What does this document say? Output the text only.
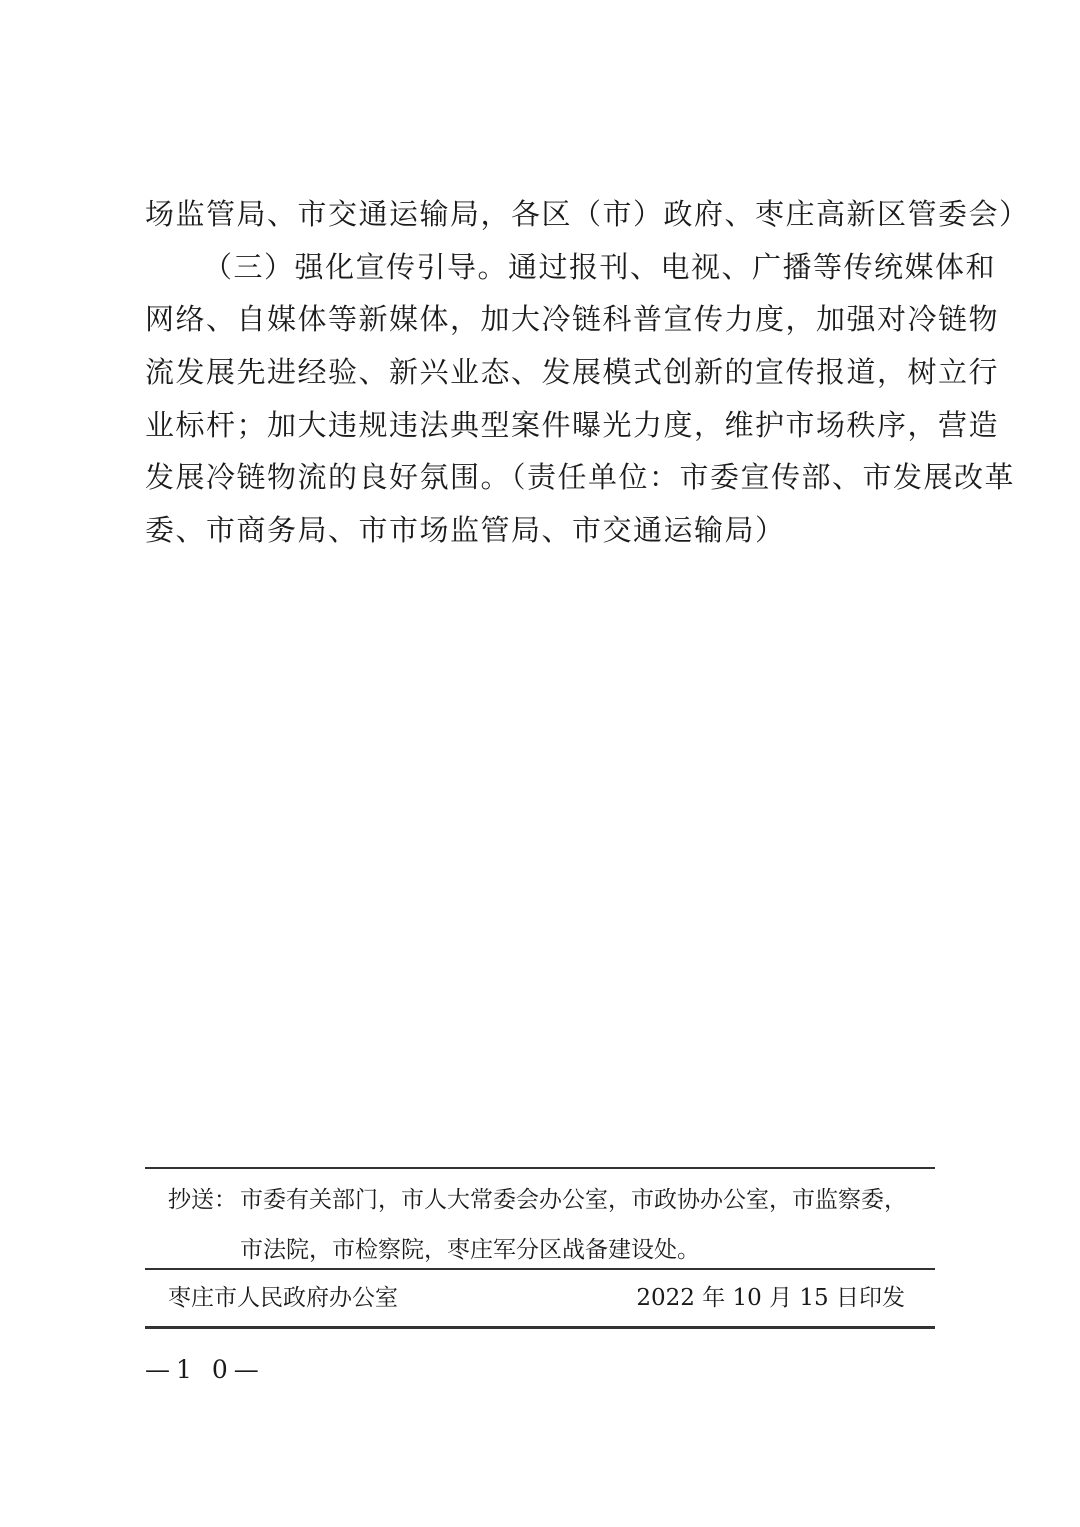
场监管局、市交通运输局，各区（市）政府、枣庄高新区管委会）
（三）强化宣传引导。通过报刊、电视、广播等传统媒体和
网络、自媒体等新媒体，加大冷链科普宣传力度，加强对冷链物
流发展先进经验、新兴业态、发展模式创新的宣传报道，树立行
业标杆；加大违规违法典型案件曝光力度，维护市场秩序，营造
发展冷链物流的良好氛围。（责任单位：市委宣传部、市发展改革
委、市商务局、市市场监管局、市交通运输局）
抄送： 市委有关部门，市人大常委会办公室，市政协办公室，市监察委，
市法院，市检察院，枣庄军分区战备建设处。
枣庄市人民政府办公室	2022 年 10 月 15 日印发
—1 0—
